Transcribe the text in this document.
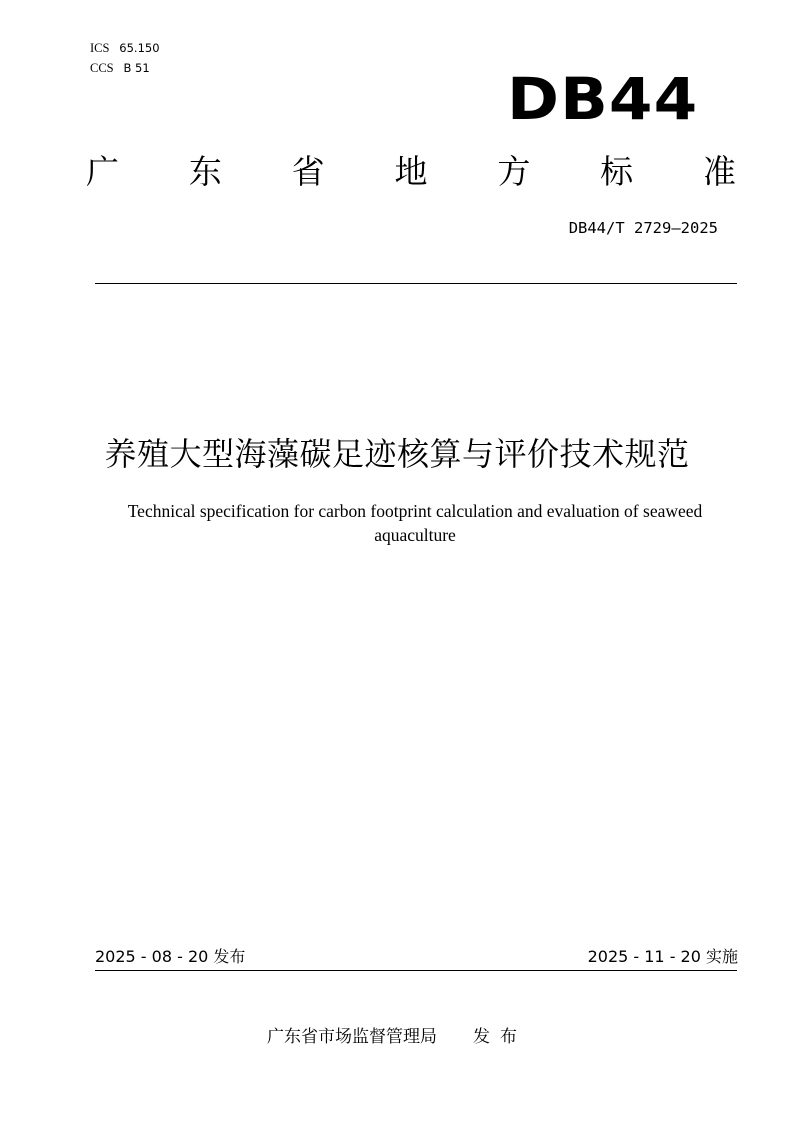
ICS 65.150
CCS B 51	DB44
广 东 省 地 方 标 准
DB44/T 2729—2025
养殖大型海藻碳足迹核算与评价技术规范
Technical specification for carbon footprint calculation and evaluation of seaweed aquaculture
2025 - 08 - 20 发布	2025 - 11 - 20 实施
广东省市场监督管理局 发布
